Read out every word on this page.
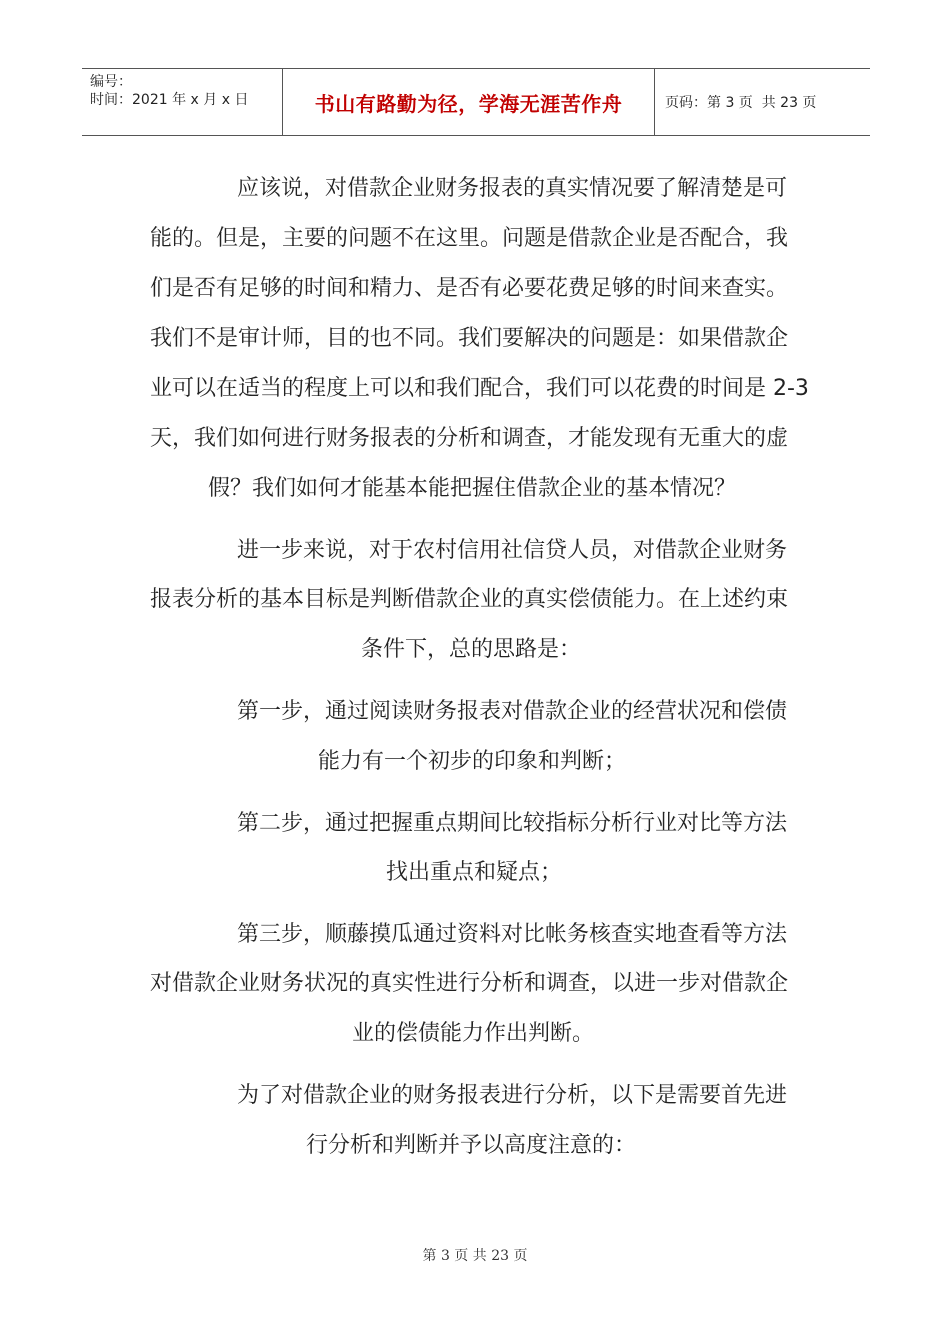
编号：
时间：2021 年 x 月 x 日	书山有路勤为径，学海无涯苦作舟	页码： 第 3 页  共 23 页
应该说，对借款企业财务报表的真实情况要了解清楚是可
能的。但是，主要的问题不在这里。问题是借款企业是否配合，我
们是否有足够的时间和精力、是否有必要花费足够的时间来查实。
我们不是审计师，目的也不同。我们要解决的问题是：如果借款企
业可以在适当的程度上可以和我们配合，我们可以花费的时间是 2-3
天，我们如何进行财务报表的分析和调查，才能发现有无重大的虚
假？我们如何才能基本能把握住借款企业的基本情况？
进一步来说，对于农村信用社信贷人员，对借款企业财务
报表分析的基本目标是判断借款企业的真实偿债能力。在上述约束
条件下，总的思路是：
第一步，通过阅读财务报表对借款企业的经营状况和偿债
能力有一个初步的印象和判断；
第二步，通过把握重点期间比较指标分析行业对比等方法
找出重点和疑点；
第三步，顺藤摸瓜通过资料对比帐务核查实地查看等方法
对借款企业财务状况的真实性进行分析和调查，以进一步对借款企
业的偿债能力作出判断。
为了对借款企业的财务报表进行分析，以下是需要首先进
行分析和判断并予以高度注意的：
第 3 页 共 23 页
